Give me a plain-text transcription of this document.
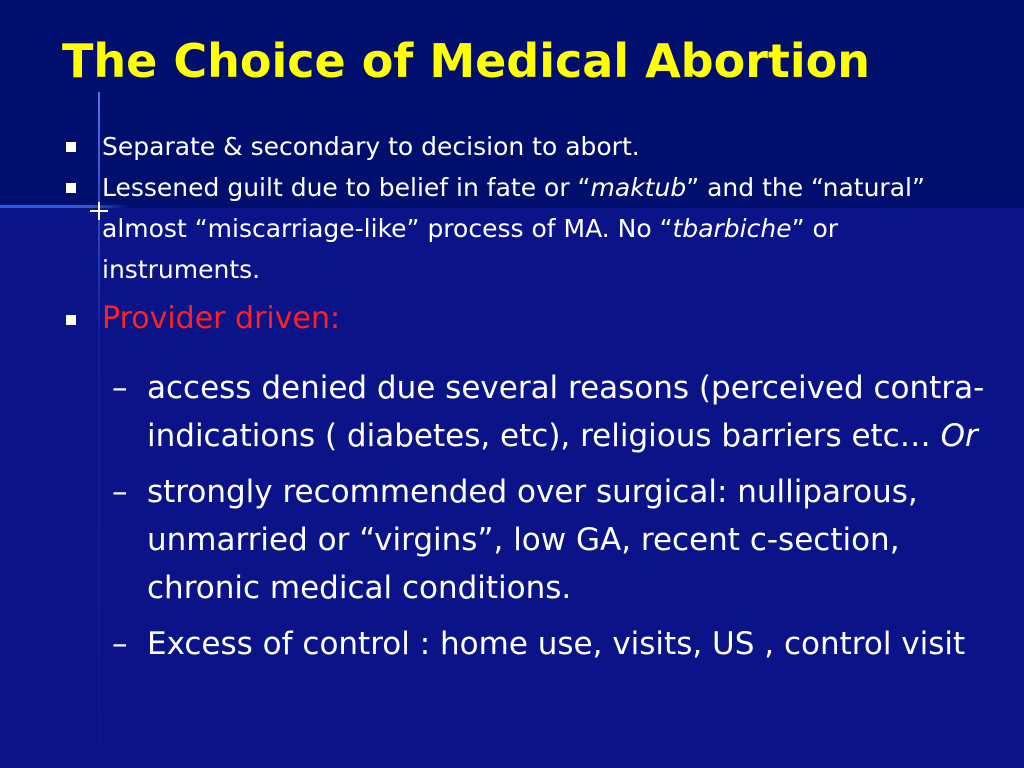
The Choice of Medical Abortion
Separate & secondary to decision to abort.
Lessened guilt due to belief in fate or “maktub” and the “natural” almost “miscarriage-like” process of MA. No “tbarbiche” or instruments.
Provider driven:
– access denied due several reasons (perceived contra-indications ( diabetes, etc), religious barriers etc… Or
– strongly recommended over surgical: nulliparous, unmarried or “virgins”, low GA, recent c-section, chronic medical conditions.
– Excess of control : home use, visits, US , control visit
